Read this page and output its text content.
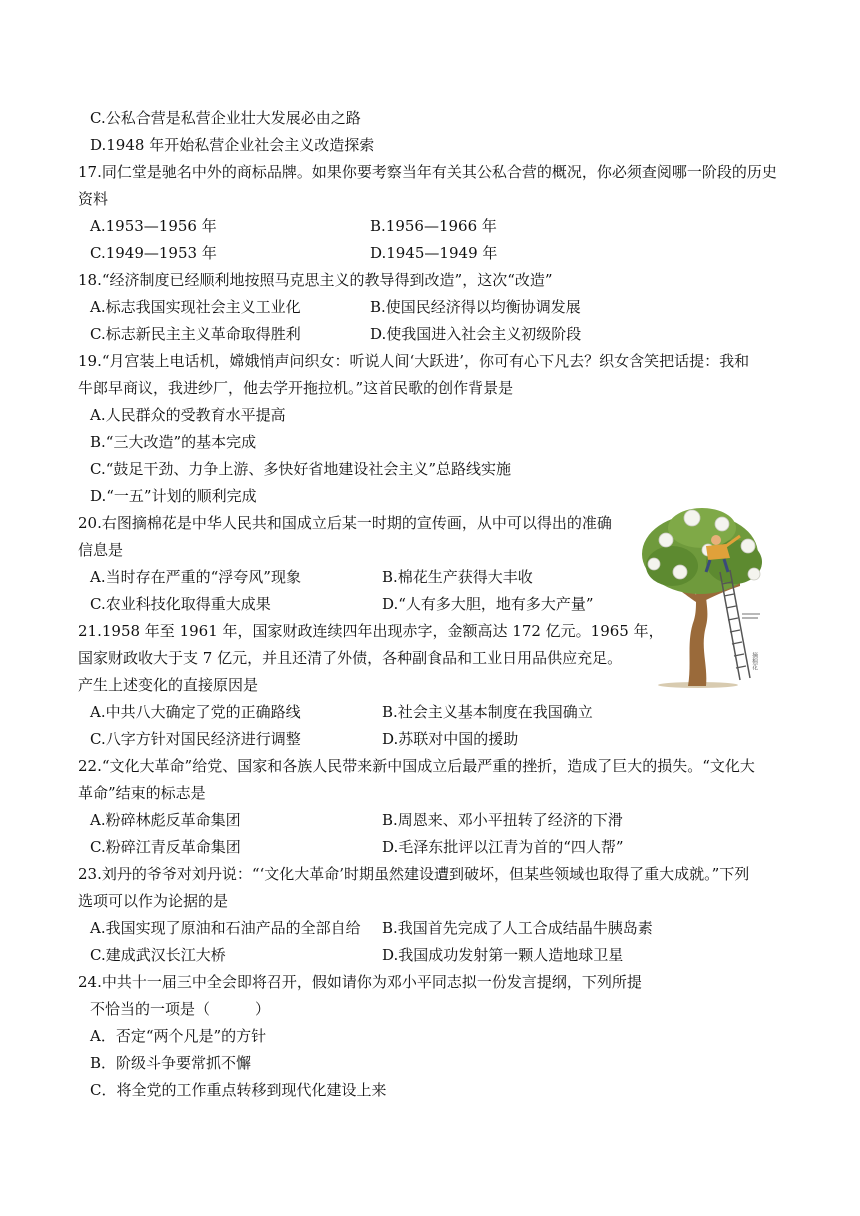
C.公私合营是私营企业壮大发展必由之路
D.1948 年开始私营企业社会主义改造探索
17.同仁堂是驰名中外的商标品牌。如果你要考察当年有关其公私合营的概况，你必须查阅哪一阶段的历史
资料
A.1953—1956 年	B.1956—1966 年
C.1949—1953 年	D.1945—1949 年
18.“经济制度已经顺利地按照马克思主义的教导得到改造”，这次“改造”
A.标志我国实现社会主义工业化	B.使国民经济得以均衡协调发展
C.标志新民主主义革命取得胜利	D.使我国进入社会主义初级阶段
19.“月宫装上电话机，嫦娥悄声问织女：听说人间‘大跃进’，你可有心下凡去？织女含笑把话提：我和
牛郎早商议，我进纱厂，他去学开拖拉机。”这首民歌的创作背景是
A.人民群众的受教育水平提高
B.“三大改造”的基本完成
C.“鼓足干劲、力争上游、多快好省地建设社会主义”总路线实施
D.“一五”计划的顺利完成
20.右图摘棉花是中华人民共和国成立后某一时期的宣传画，从中可以得出的准确
信息是
A.当时存在严重的“浮夸风”现象	B.棉花生产获得大丰收
C.农业科技化取得重大成果	D.“人有多大胆，地有多大产量”
摘棉花
21.1958 年至 1961 年，国家财政连续四年出现赤字，金额高达 172 亿元。1965 年，
国家财政收大于支 7 亿元，并且还清了外债，各种副食品和工业日用品供应充足。
产生上述变化的直接原因是
A.中共八大确定了党的正确路线	B.社会主义基本制度在我国确立
C.八字方针对国民经济进行调整	D.苏联对中国的援助
22.“文化大革命”给党、国家和各族人民带来新中国成立后最严重的挫折，造成了巨大的损失。“文化大
革命”结束的标志是
A.粉碎林彪反革命集团	B.周恩来、邓小平扭转了经济的下滑
C.粉碎江青反革命集团	D.毛泽东批评以江青为首的“四人帮”
23.刘丹的爷爷对刘丹说：“‘文化大革命’时期虽然建设遭到破坏，但某些领域也取得了重大成就。”下列
选项可以作为论据的是
A.我国实现了原油和石油产品的全部自给 B.我国首先完成了人工合成结晶牛胰岛素
C.建成武汉长江大桥	D.我国成功发射第一颗人造地球卫星
24.中共十一届三中全会即将召开，假如请你为邓小平同志拟一份发言提纲，下列所提
不恰当的一项是（　　　）
A．否定“两个凡是”的方针
B．阶级斗争要常抓不懈
C．将全党的工作重点转移到现代化建设上来
